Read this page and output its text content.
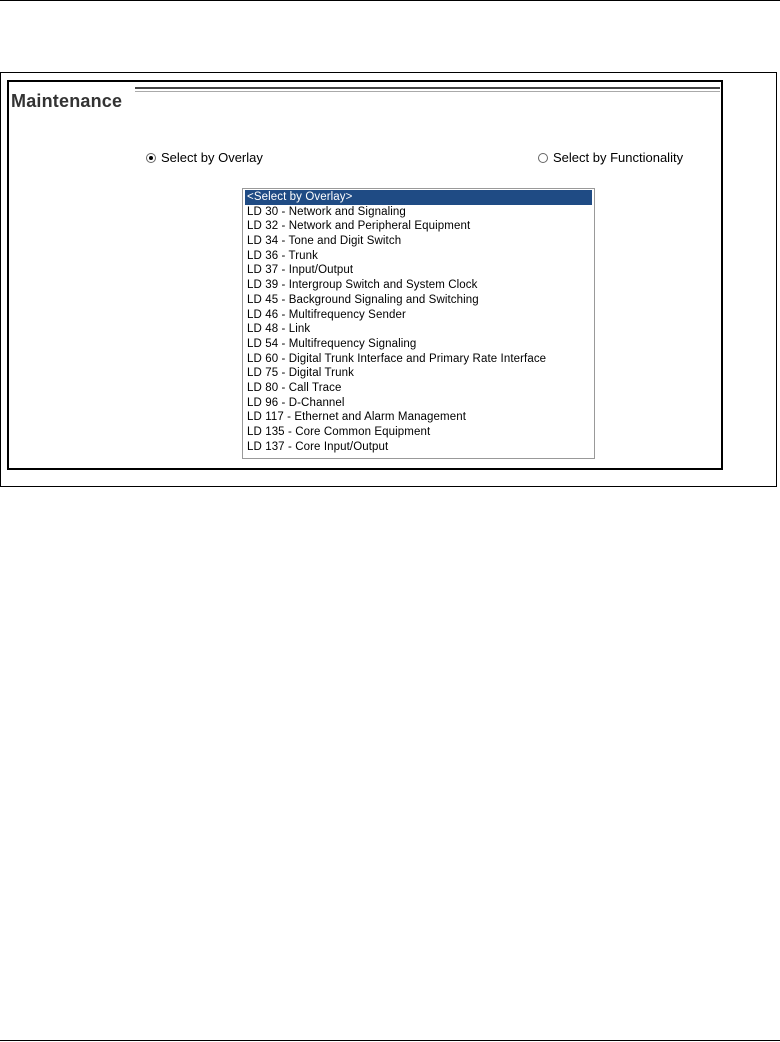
Maintenance
Select by Overlay	Select by Functionality
<Select by Overlay>
LD 30 - Network and Signaling
LD 32 - Network and Peripheral Equipment
LD 34 - Tone and Digit Switch
LD 36 - Trunk
LD 37 - Input/Output
LD 39 - Intergroup Switch and System Clock
LD 45 - Background Signaling and Switching
LD 46 - Multifrequency Sender
LD 48 - Link
LD 54 - Multifrequency Signaling
LD 60 - Digital Trunk Interface and Primary Rate Interface
LD 75 - Digital Trunk
LD 80 - Call Trace
LD 96 - D-Channel
LD 117 - Ethernet and Alarm Management
LD 135 - Core Common Equipment
LD 137 - Core Input/Output
